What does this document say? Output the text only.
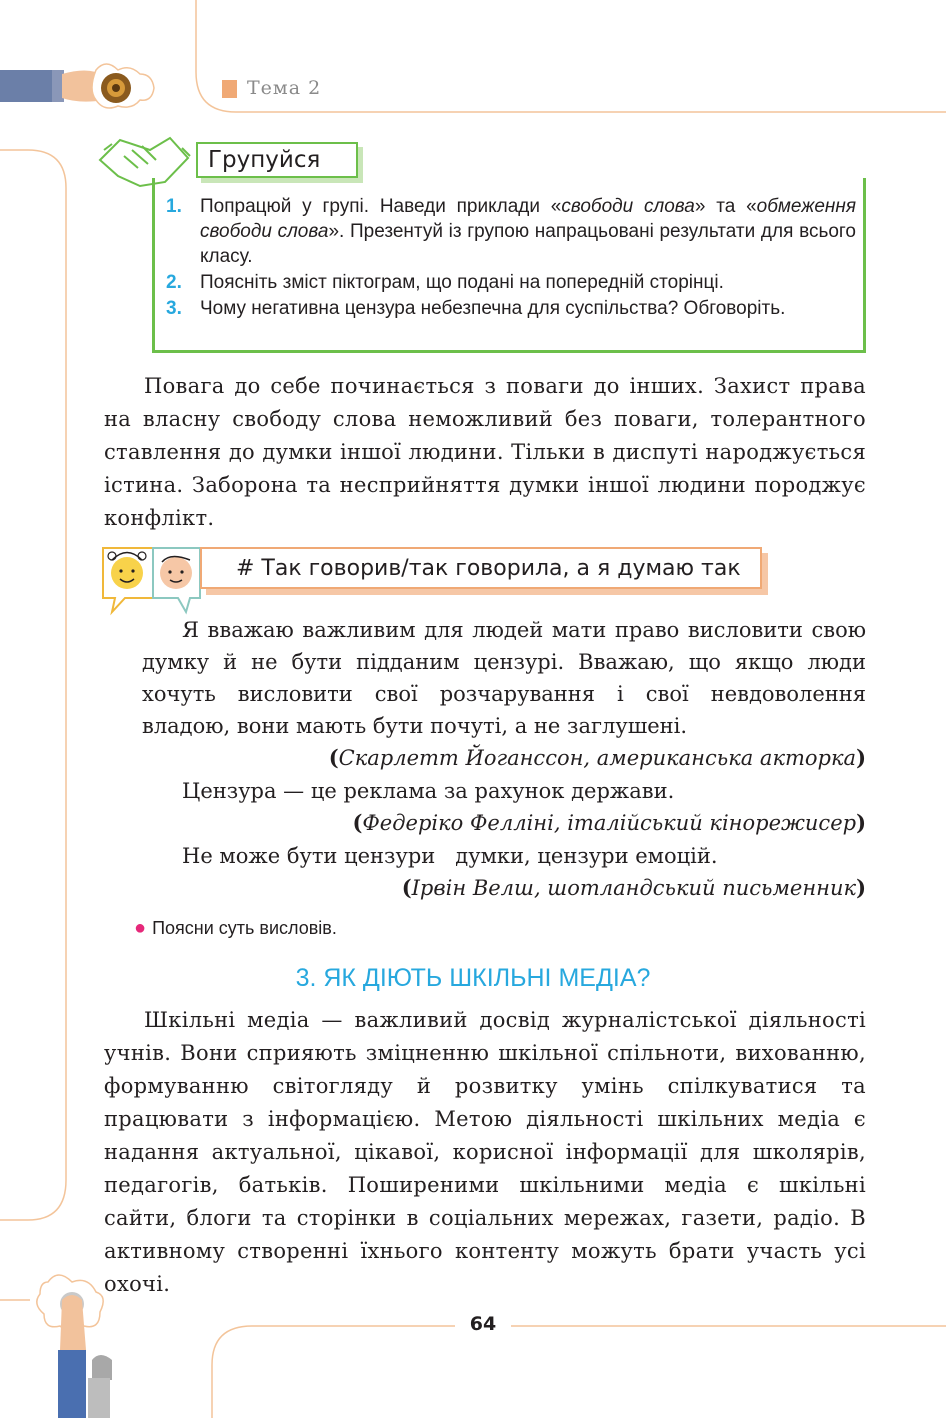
Тема 2
Групуйся
1. Попрацюй у групі. Наведи приклади «свободи слова» та «обмеження свободи слова». Презентуй із групою напрацьовані результати для всього класу.
2. Поясніть зміст піктограм, що подані на попередній сторінці.
3. Чому негативна цензура небезпечна для суспільства? Обговоріть.
Повага до себе починається з поваги до інших. Захист права на власну свободу слова неможливий без поваги, толерантного ставлення до думки іншої людини. Тільки в диспуті народжується істина. Заборона та несприйняття думки іншої людини породжує конфлікт.
# Так говорив/так говорила, а я думаю так
Я вважаю важливим для людей мати право висловити свою думку й не бути підданим цензурі. Вважаю, що якщо люди хочуть висловити свої розчарування і свої невдоволення владою, вони мають бути почуті, а не заглушені.
(Скарлетт Йоганссон, американська акторка)
Цензура — це реклама за рахунок держави.
(Федеріко Фелліні, італійський кінорежисер)
Не може бути цензури   думки, цензури емоцій.
(Ірвін Велш, шотландський письменник)
● Поясни суть висловів.
3. ЯК ДІЮТЬ ШКІЛЬНІ МЕДІА?
Шкільні медіа — важливий досвід журналістської діяльності учнів. Вони сприяють зміцненню шкільної спільноти, вихованню, формуванню світогляду й розвитку умінь спілкуватися та працювати з інформацією. Метою діяльності шкільних медіа є надання актуальної, цікавої, корисної інформації для школярів, педагогів, батьків. Поширеними шкільними медіа є шкільні сайти, блоги та сторінки в соціальних мережах, газети, радіо. В активному створенні їхнього контенту можуть брати участь усі охочі.
64
